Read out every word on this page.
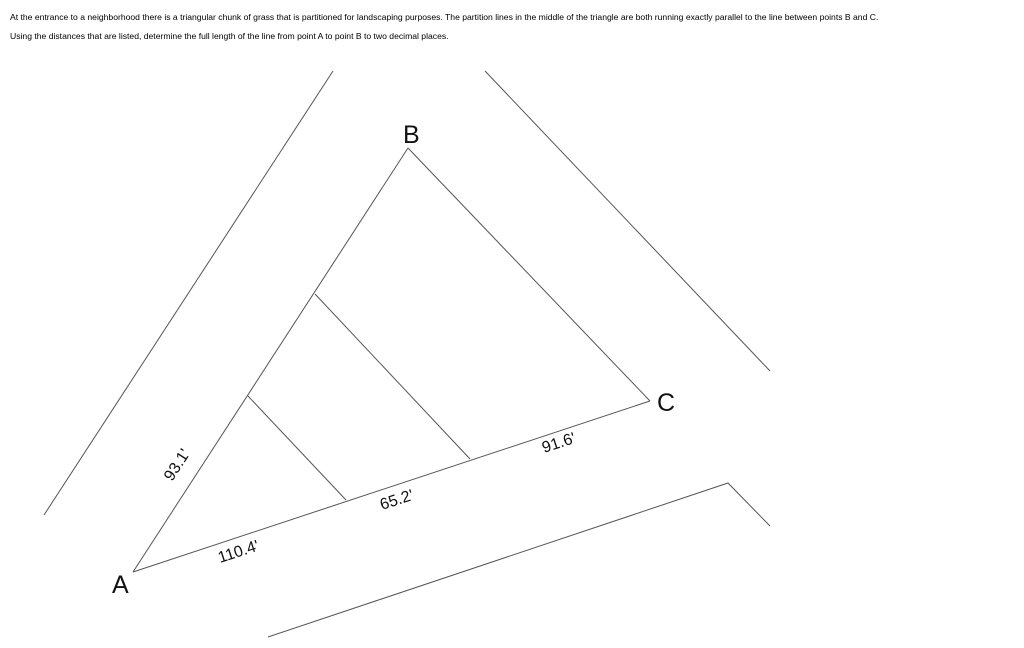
At the entrance to a neighborhood there is a triangular chunk of grass that is partitioned for landscaping purposes. The partition lines in the middle of the triangle are both running exactly parallel to the line between points B and C.

Using the distances that are listed, determine the full length of the line from point A to point B to two decimal places.

A
B
C
93.1'
110.4'
65.2'
91.6'
